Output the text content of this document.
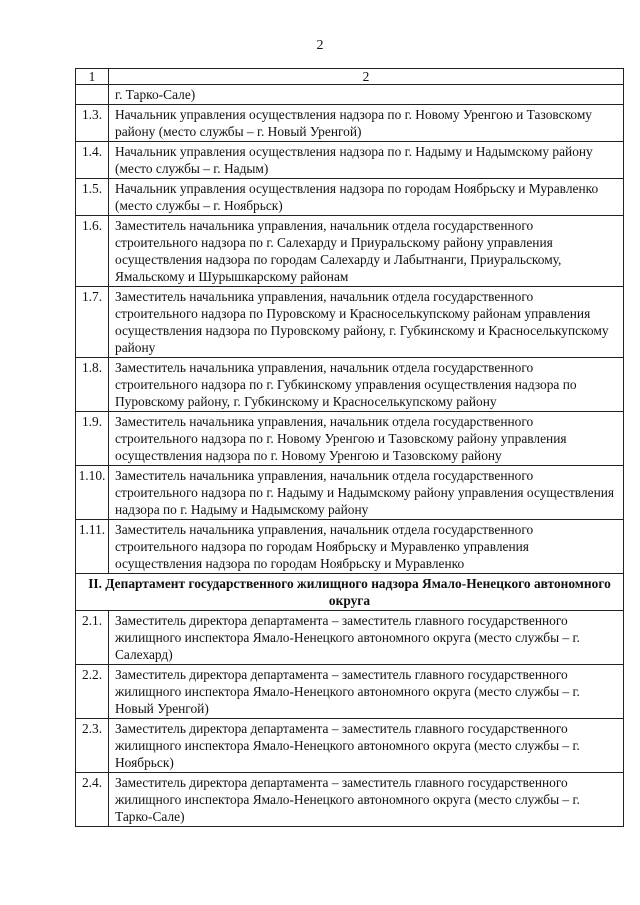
2
1	2
	г. Тарко-Сале)
1.3.	Начальник управления осуществления надзора по г. Новому Уренгою и Тазовскому району (место службы – г. Новый Уренгой)
1.4.	Начальник управления осуществления надзора по г. Надыму и Надымскому району (место службы – г. Надым)
1.5.	Начальник управления осуществления надзора по городам Ноябрьску и Муравленко (место службы – г. Ноябрьск)
1.6.	Заместитель начальника управления, начальник отдела государственного строительного надзора по г. Салехарду и Приуральскому району управления осуществления надзора по городам Салехарду и Лабытнанги, Приуральскому, Ямальскому и Шурышкарскому районам
1.7.	Заместитель начальника управления, начальник отдела государственного строительного надзора по Пуровскому и Красноселькупскому районам управления осуществления надзора по Пуровскому району, г. Губкинскому и Красноселькупскому району
1.8.	Заместитель начальника управления, начальник отдела государственного строительного надзора по г. Губкинскому управления осуществления надзора по Пуровскому району, г. Губкинскому и Красноселькупскому району
1.9.	Заместитель начальника управления, начальник отдела государственного строительного надзора по г. Новому Уренгою и Тазовскому району управления осуществления надзора по г. Новому Уренгою и Тазовскому району
1.10.	Заместитель начальника управления, начальник отдела государственного строительного надзора по г. Надыму и Надымскому району управления осуществления надзора по г. Надыму и Надымскому району
1.11.	Заместитель начальника управления, начальник отдела государственного строительного надзора по городам Ноябрьску и Муравленко управления осуществления надзора по городам Ноябрьску и Муравленко
II. Департамент государственного жилищного надзора Ямало-Ненецкого автономного округа	
2.1.	Заместитель директора департамента – заместитель главного государственного жилищного инспектора Ямало-Ненецкого автономного округа (место службы – г. Салехард)
2.2.	Заместитель директора департамента – заместитель главного государственного жилищного инспектора Ямало-Ненецкого автономного округа (место службы – г. Новый Уренгой)
2.3.	Заместитель директора департамента – заместитель главного государственного жилищного инспектора Ямало-Ненецкого автономного округа (место службы – г. Ноябрьск)
2.4.	Заместитель директора департамента – заместитель главного государственного жилищного инспектора Ямало-Ненецкого автономного округа (место службы – г. Тарко-Сале)
